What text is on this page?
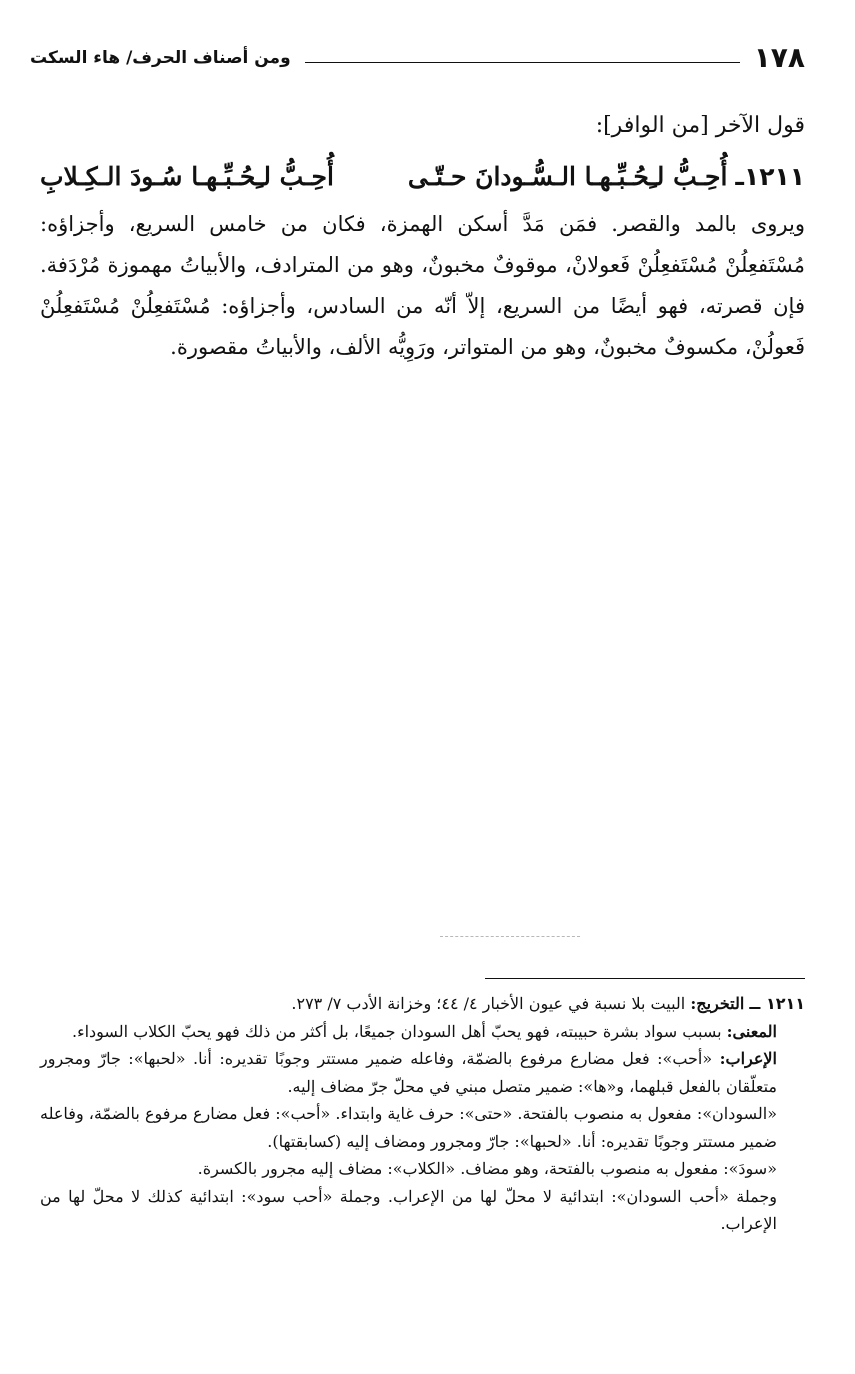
١٧٨
ومن أصناف الحرف/ هاء السكت
قول الآخر [من الوافر]:
١٢١١ـ
أُحِـبُّ لـِحُـبِّـهـا الـسُّـودانَ حـتّـى
أُحِـبُّ لـِحُـبِّـهـا سُـودَ الـكِـلابِ

ويروى بالمد والقصر. فمَن مَدَّ أسكن الهمزة، فكان من خامس السريع، وأجزاؤه: مُسْتَفعِلُنْ مُسْتَفعِلُنْ فَعولانْ، موقوفٌ مخبونٌ، وهو من المترادف، والأبياتُ مهموزة مُرْدَفة. فإن قصرته، فهو أيضًا من السريع، إلاّ أنّه من السادس، وأجزاؤه: مُسْتَفعِلُنْ مُسْتَفعِلُنْ فَعولُنْ، مكسوفٌ مخبونٌ، وهو من المتواتر، ورَوِيُّه الألف، والأبياتُ مقصورة.

١٢١١ ــ التخريج: البيت بلا نسبة في عيون الأخبار ٤/ ٤٤؛ وخزانة الأدب ٧/ ٢٧٣.

المعنى: بسبب سواد بشرة حبيبته، فهو يحبّ أهل السودان جميعًا، بل أكثر من ذلك فهو يحبّ الكلاب السوداء.

الإعراب: «أحب»: فعل مضارع مرفوع بالضمّة، وفاعله ضمير مستتر وجوبًا تقديره: أنا. «لحبها»: جارّ ومجرور متعلّقان بالفعل قبلهما، و«ها»: ضمير متصل مبني في محلّ جرّ مضاف إليه.

«السودان»: مفعول به منصوب بالفتحة. «حتى»: حرف غاية وابتداء. «أحب»: فعل مضارع مرفوع بالضمّة، وفاعله ضمير مستتر وجوبًا تقديره: أنا. «لحبها»: جارّ ومجرور ومضاف إليه (كسابقتها).

«سودَ»: مفعول به منصوب بالفتحة، وهو مضاف. «الكلاب»: مضاف إليه مجرور بالكسرة.

وجملة «أحب السودان»: ابتدائية لا محلّ لها من الإعراب. وجملة «أحب سود»: ابتدائية كذلك لا محلّ لها من الإعراب.
